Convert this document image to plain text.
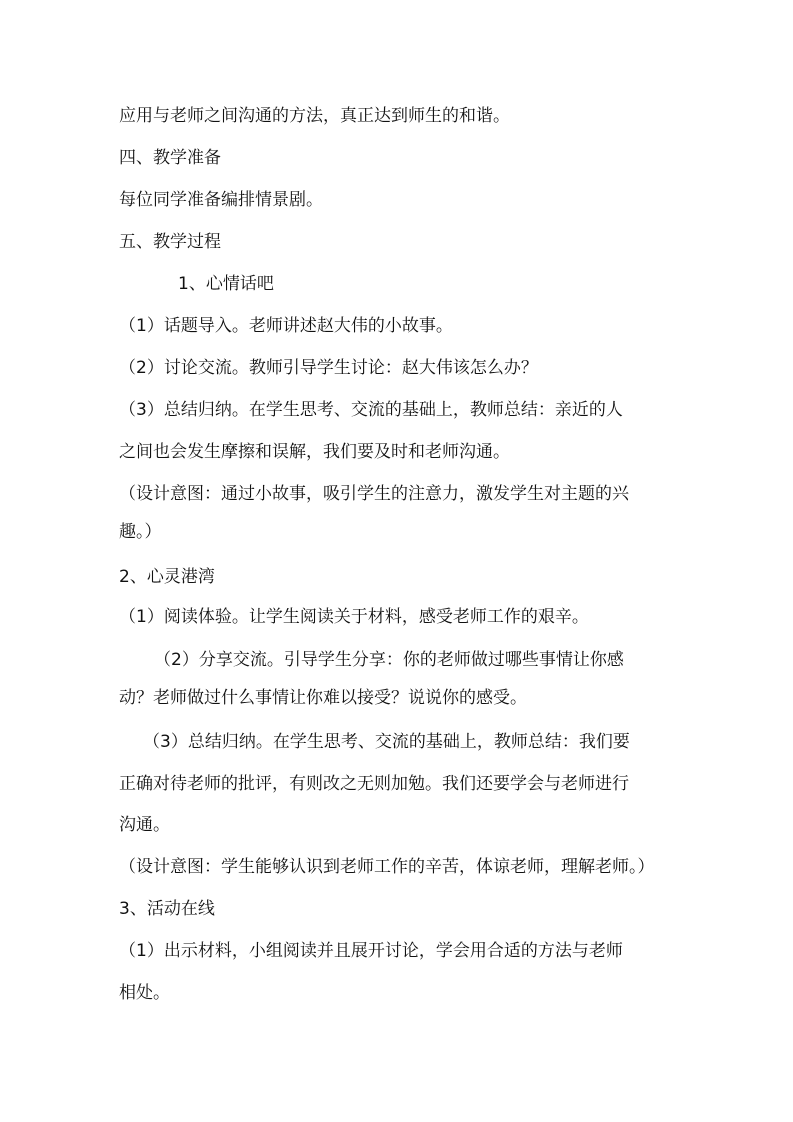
应用与老师之间沟通的方法，真正达到师生的和谐。
四、教学准备
每位同学准备编排情景剧。
五、教学过程
1、心情话吧
（1）话题导入。老师讲述赵大伟的小故事。
（2）讨论交流。教师引导学生讨论：赵大伟该怎么办？
（3）总结归纳。在学生思考、交流的基础上，教师总结：亲近的人
之间也会发生摩擦和误解，我们要及时和老师沟通。
（设计意图：通过小故事，吸引学生的注意力，激发学生对主题的兴
趣。）
2、心灵港湾
（1）阅读体验。让学生阅读关于材料，感受老师工作的艰辛。
（2）分享交流。引导学生分享：你的老师做过哪些事情让你感
动？老师做过什么事情让你难以接受？说说你的感受。
（3）总结归纳。在学生思考、交流的基础上，教师总结：我们要
正确对待老师的批评，有则改之无则加勉。我们还要学会与老师进行
沟通。
（设计意图：学生能够认识到老师工作的辛苦，体谅老师，理解老师。）
3、活动在线
（1）出示材料，小组阅读并且展开讨论，学会用合适的方法与老师
相处。
